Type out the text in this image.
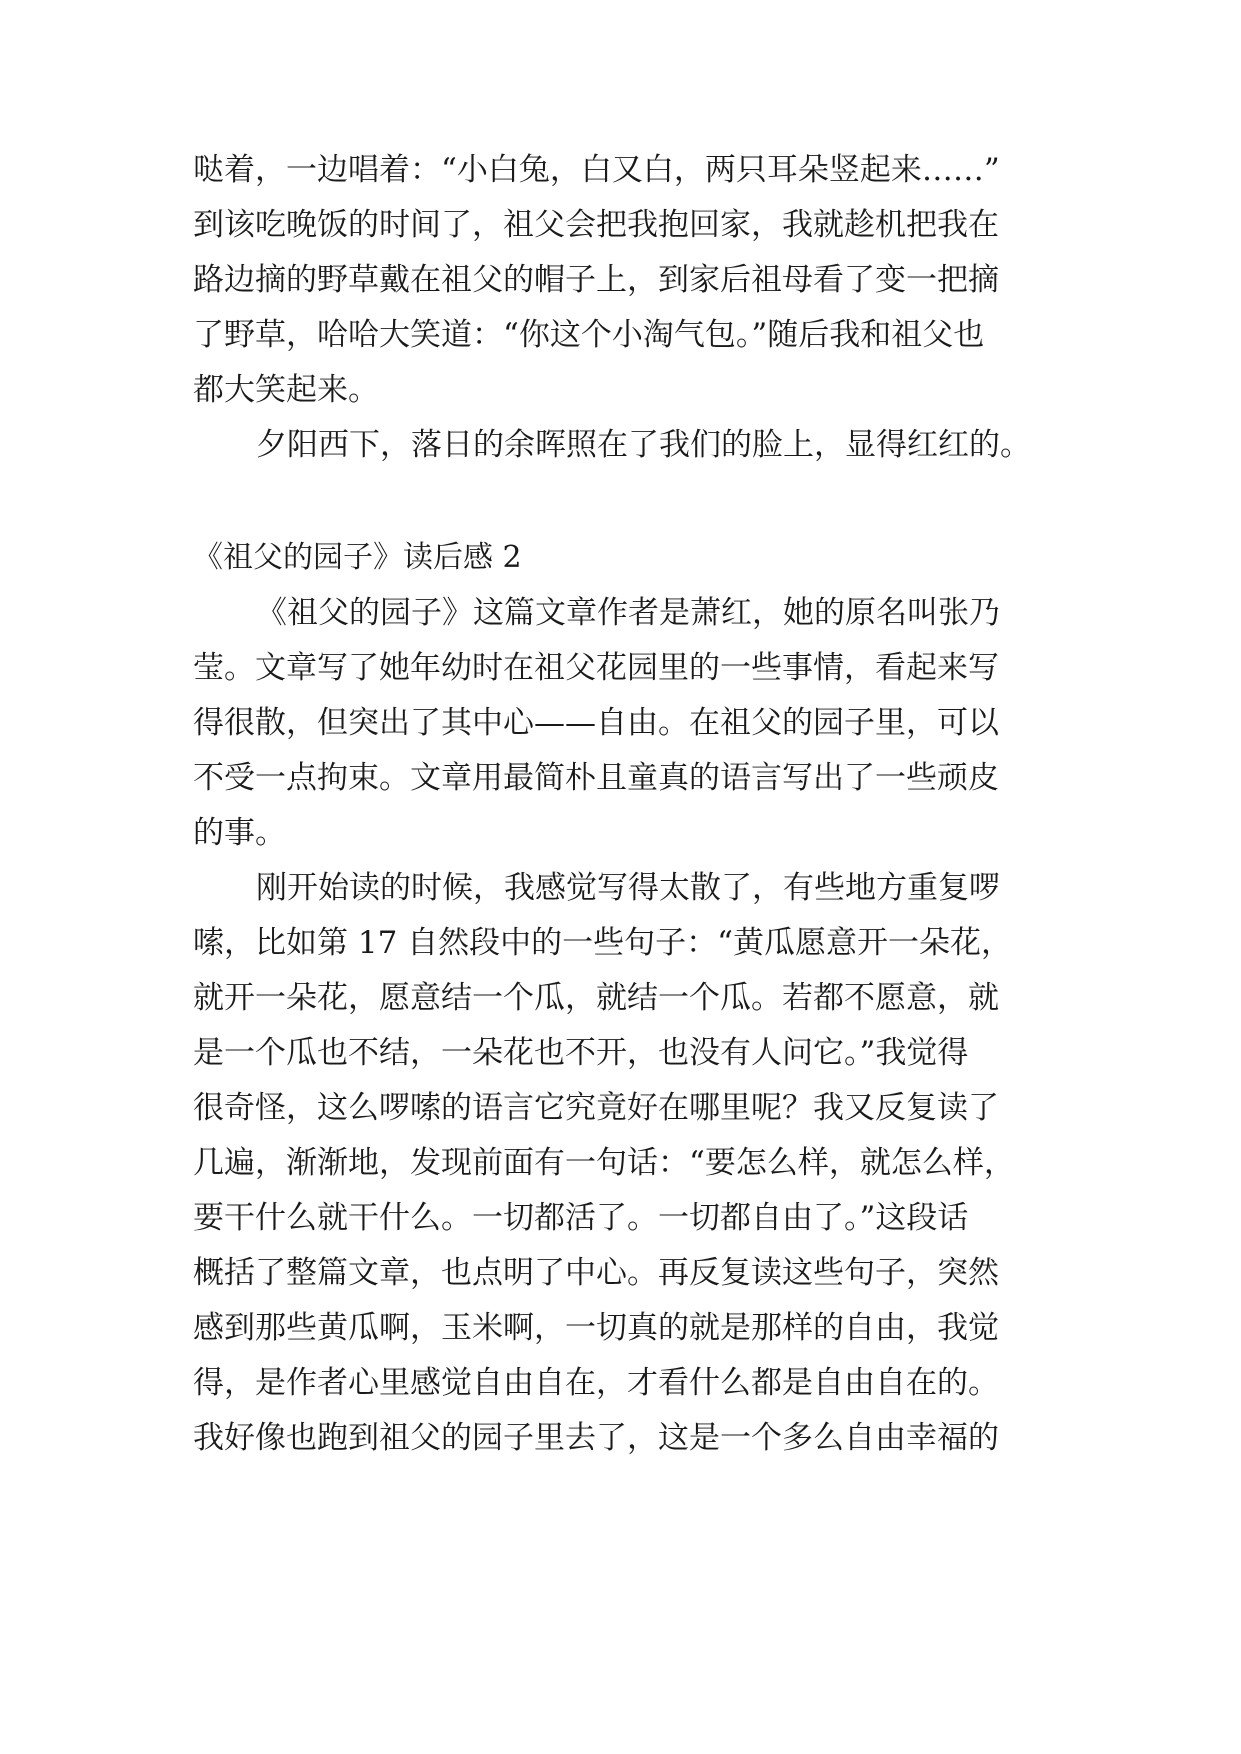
哒着，一边唱着：“小白兔，白又白，两只耳朵竖起来……”
到该吃晚饭的时间了，祖父会把我抱回家，我就趁机把我在
路边摘的野草戴在祖父的帽子上，到家后祖母看了变一把摘
了野草，哈哈大笑道：“你这个小淘气包。”随后我和祖父也
都大笑起来。
夕阳西下，落日的余晖照在了我们的脸上，显得红红的。
《祖父的园子》读后感 2
《祖父的园子》这篇文章作者是萧红，她的原名叫张乃
莹。文章写了她年幼时在祖父花园里的一些事情，看起来写
得很散，但突出了其中心——自由。在祖父的园子里，可以
不受一点拘束。文章用最简朴且童真的语言写出了一些顽皮
的事。
刚开始读的时候，我感觉写得太散了，有些地方重复啰
嗦，比如第 17 自然段中的一些句子：“黄瓜愿意开一朵花，
就开一朵花，愿意结一个瓜，就结一个瓜。若都不愿意，就
是一个瓜也不结，一朵花也不开，也没有人问它。”我觉得
很奇怪，这么啰嗦的语言它究竟好在哪里呢？我又反复读了
几遍，渐渐地，发现前面有一句话：“要怎么样，就怎么样，
要干什么就干什么。一切都活了。一切都自由了。”这段话
概括了整篇文章，也点明了中心。再反复读这些句子，突然
感到那些黄瓜啊，玉米啊，一切真的就是那样的自由，我觉
得，是作者心里感觉自由自在，才看什么都是自由自在的。
我好像也跑到祖父的园子里去了，这是一个多么自由幸福的
